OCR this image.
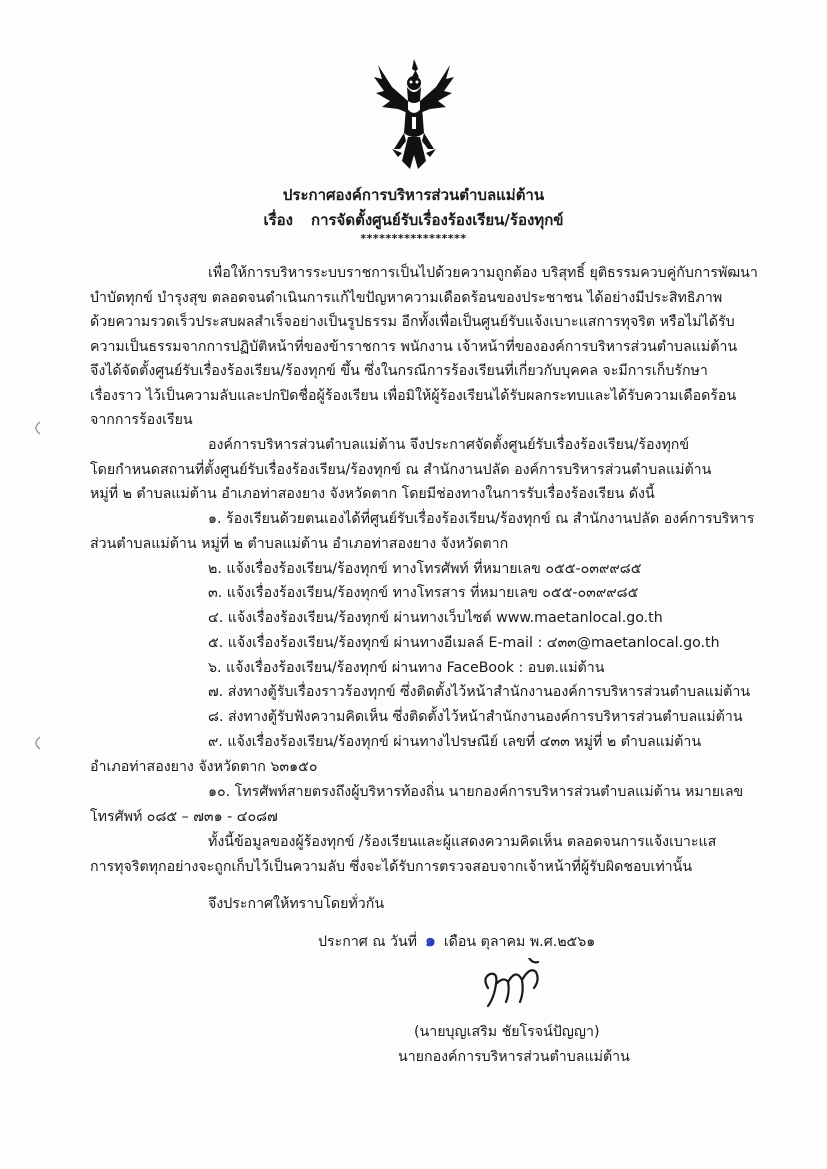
ประกาศองค์การบริหารส่วนตำบลแม่ต้าน
เรื่อง การจัดตั้งศูนย์รับเรื่องร้องเรียน/ร้องทุกข์
*****************
เพื่อให้การบริหารระบบราชการเป็นไปด้วยความถูกต้อง บริสุทธิ์ ยุติธรรมควบคู่กับการพัฒนา
บำบัดทุกข์ บำรุงสุข ตลอดจนดำเนินการแก้ไขปัญหาความเดือดร้อนของประชาชน ได้อย่างมีประสิทธิภาพ
ด้วยความรวดเร็วประสบผลสำเร็จอย่างเป็นรูปธรรม อีกทั้งเพื่อเป็นศูนย์รับแจ้งเบาะแสการทุจริต หรือไม่ได้รับ
ความเป็นธรรมจากการปฏิบัติหน้าที่ของข้าราชการ พนักงาน เจ้าหน้าที่ขององค์การบริหารส่วนตำบลแม่ต้าน
จึงได้จัดตั้งศูนย์รับเรื่องร้องเรียน/ร้องทุกข์ ขึ้น ซึ่งในกรณีการร้องเรียนที่เกี่ยวกับบุคคล จะมีการเก็บรักษา
เรื่องราว ไว้เป็นความลับและปกปิดชื่อผู้ร้องเรียน เพื่อมิให้ผู้ร้องเรียนได้รับผลกระทบและได้รับความเดือดร้อน
จากการร้องเรียน
องค์การบริหารส่วนตำบลแม่ต้าน จึงประกาศจัดตั้งศูนย์รับเรื่องร้องเรียน/ร้องทุกข์
โดยกำหนดสถานที่ตั้งศูนย์รับเรื่องร้องเรียน/ร้องทุกข์ ณ สำนักงานปลัด องค์การบริหารส่วนตำบลแม่ต้าน
หมู่ที่ ๒ ตำบลแม่ต้าน อำเภอท่าสองยาง จังหวัดตาก โดยมีช่องทางในการรับเรื่องร้องเรียน ดังนี้
๑. ร้องเรียนด้วยตนเองได้ที่ศูนย์รับเรื่องร้องเรียน/ร้องทุกข์ ณ สำนักงานปลัด องค์การบริหาร
ส่วนตำบลแม่ต้าน หมู่ที่ ๒ ตำบลแม่ต้าน อำเภอท่าสองยาง จังหวัดตาก
๒. แจ้งเรื่องร้องเรียน/ร้องทุกข์ ทางโทรศัพท์ ที่หมายเลข ๐๕๕-๐๓๙๙๘๕
๓. แจ้งเรื่องร้องเรียน/ร้องทุกข์ ทางโทรสาร ที่หมายเลข ๐๕๕-๐๓๙๙๘๕
๔. แจ้งเรื่องร้องเรียน/ร้องทุกข์ ผ่านทางเว็บไซต์ www.maetanlocal.go.th
๕. แจ้งเรื่องร้องเรียน/ร้องทุกข์ ผ่านทางอีเมลล์ E-mail : ๔๓๓@maetanlocal.go.th
๖. แจ้งเรื่องร้องเรียน/ร้องทุกข์ ผ่านทาง FaceBook : อบต.แม่ต้าน
๗. ส่งทางตู้รับเรื่องราวร้องทุกข์ ซึ่งติดตั้งไว้หน้าสำนักงานองค์การบริหารส่วนตำบลแม่ต้าน
๘. ส่งทางตู้รับฟังความคิดเห็น ซึ่งติดตั้งไว้หน้าสำนักงานองค์การบริหารส่วนตำบลแม่ต้าน
๙. แจ้งเรื่องร้องเรียน/ร้องทุกข์ ผ่านทางไปรษณีย์ เลขที่ ๔๓๓ หมู่ที่ ๒ ตำบลแม่ต้าน
อำเภอท่าสองยาง จังหวัดตาก ๖๓๑๕๐
๑๐. โทรศัพท์สายตรงถึงผู้บริหารท้องถิ่น นายกองค์การบริหารส่วนตำบลแม่ต้าน หมายเลข
โทรศัพท์ ๐๘๕ – ๗๓๑ - ๔๐๘๗
ทั้งนี้ข้อมูลของผู้ร้องทุกข์ /ร้องเรียนและผู้แสดงความคิดเห็น ตลอดจนการแจ้งเบาะแส
การทุจริตทุกอย่างจะถูกเก็บไว้เป็นความลับ ซึ่งจะได้รับการตรวจสอบจากเจ้าหน้าที่ผู้รับผิดชอบเท่านั้น
จึงประกาศให้ทราบโดยทั่วกัน
ประกาศ ณ วันที่ ๑ เดือน ตุลาคม พ.ศ.๒๕๖๑
(นายบุญเสริม ชัยโรจน์ปัญญา)
นายกองค์การบริหารส่วนตำบลแม่ต้าน
